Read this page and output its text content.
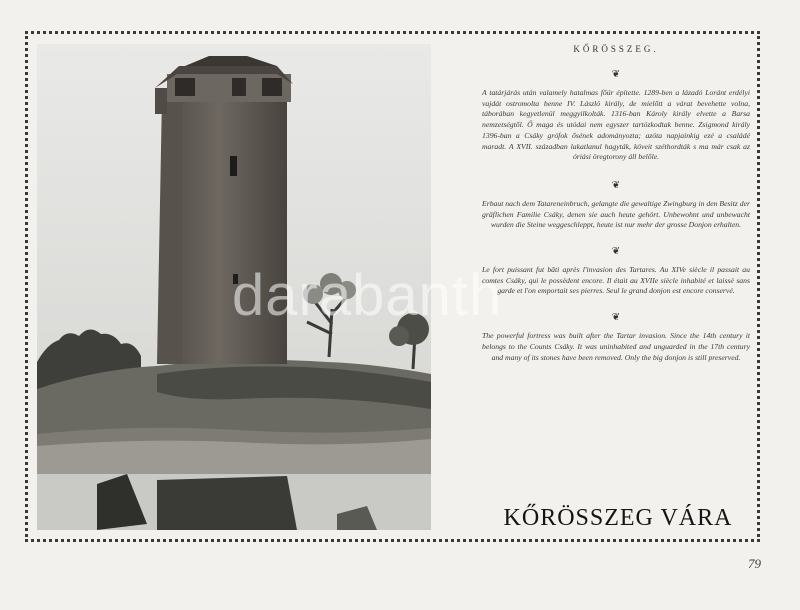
darabanth
KŐRÖSSZEG.
❦

A tatárjárás után valamely hatalmas főúr építette. 1289-ben a lázadó Loránt erdélyi vajdát ostromolta benne IV. László király, de mielőtt a várat bevehette volna, táborában kegyetlenül meggyilkolták. 1316-ban Károly király elvette a Barsa nemzetségtől. Ő maga és utódai nem egyszer tartózkodtak benne. Zsigmond király 1396-ban a Csáky grófok ősének adományozta; azóta napjainkig ezé a családé maradt. A XVII. században lakatlanul hagyták, köveit széthordták s ma már csak az óriási öregtorony áll belőle.

❦

Erbaut nach dem Tatareneinbruch, gelangte die gewaltige Zwingburg in den Besitz der gräflichen Familie Csáky, denen sie auch heute gehört. Unbewohnt und unbewacht wurden die Steine weggeschleppt, heute ist nur mehr der grosse Donjon erhalten.

❦

Le fort puissant fut bâti après l'invasion des Tartares. Au XIVe siècle il passait au comtes Csáky, qui le possèdent encore. Il était au XVIIe siècle inhabité et laissé sans garde et l'on emportait ses pierres. Seul le grand donjon est encore conservé.

❦

The powerful fortress was built after the Tartar invasion. Since the 14th century it belongs to the Counts Csáky. It was uninhabited and unguarded in the 17th century and many of its stones have been removed. Only the big donjon is still preserved.

KŐRÖSSZEG VÁRA
79
